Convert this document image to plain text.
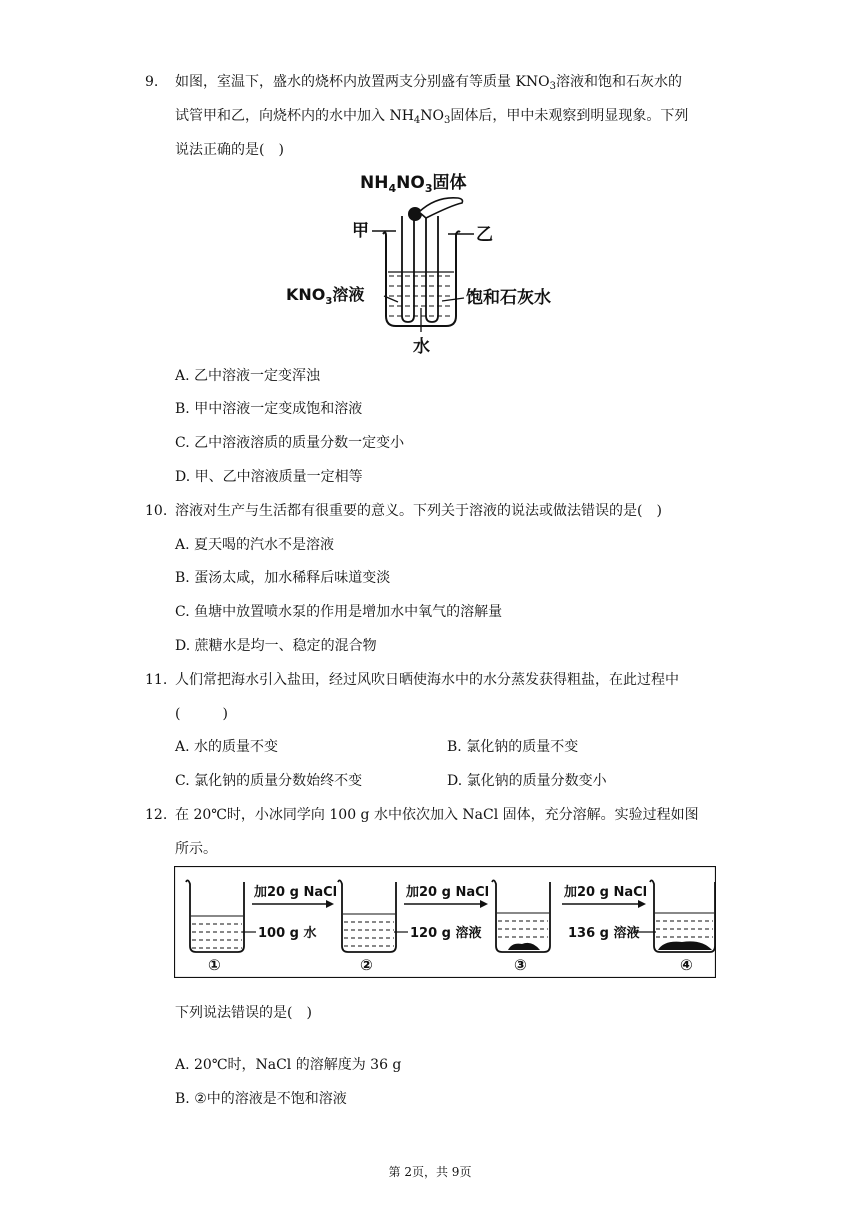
9. 如图，室温下，盛水的烧杯内放置两支分别盛有等质量 $KNO_3$溶液和饱和石灰水的
试管甲和乙，向烧杯内的水中加入 $NH_4NO_3$固体后，甲中未观察到明显现象。下列
说法正确的是(　)
$NH_4NO_3$固体
甲	乙
$KNO_3$溶液	饱和石灰水
水
A. 乙中溶液一定变浑浊
B. 甲中溶液一定变成饱和溶液
C. 乙中溶液溶质的质量分数一定变小
D. 甲、乙中溶液质量一定相等
10. 溶液对生产与生活都有很重要的意义。下列关于溶液的说法或做法错误的是(　)
A. 夏天喝的汽水不是溶液
B. 蛋汤太咸，加水稀释后味道变淡
C. 鱼塘中放置喷水泵的作用是增加水中氧气的溶解量
D. 蔗糖水是均一、稳定的混合物
11. 人们常把海水引入盐田，经过风吹日晒使海水中的水分蒸发获得粗盐，在此过程中
(　　　)
A. 水的质量不变	B. 氯化钠的质量不变
C. 氯化钠的质量分数始终不变	D. 氯化钠的质量分数变小
12. 在 20℃时，小冰同学向 100 g 水中依次加入 NaCl 固体，充分溶解。实验过程如图
所示。
①
加20 g NaCl
100 g 水
②
加20 g NaCl
120 g 溶液
③
加20 g NaCl
136 g 溶液
④
下列说法错误的是(　)
A. 20℃时，NaCl 的溶解度为 36 g
B. ②中的溶液是不饱和溶液
第 2页，共 9页
